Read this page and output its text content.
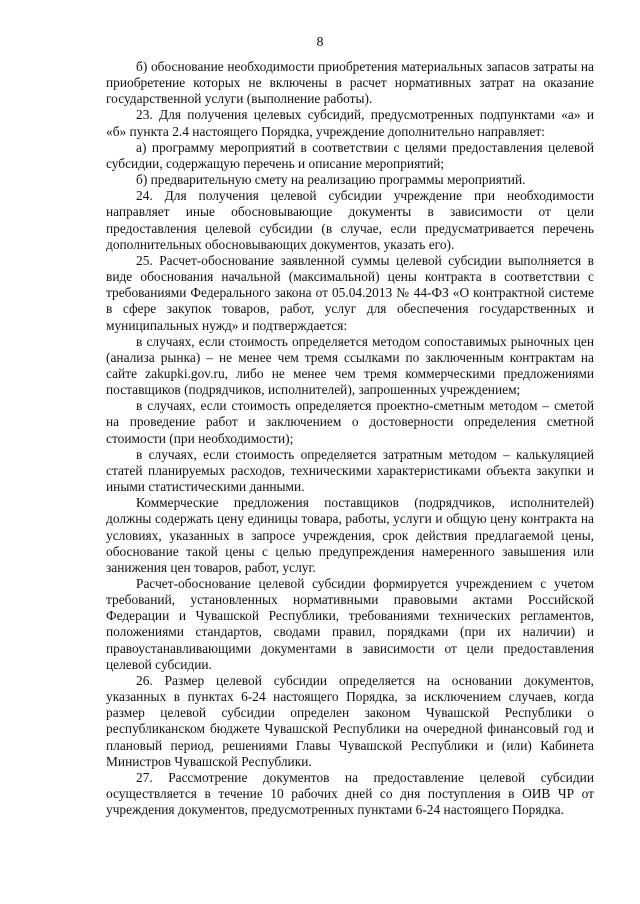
8

б) обоснование необходимости приобретения материальных запасов затраты на приобретение которых не включены в расчет нормативных затрат на оказание государственной услуги (выполнение работы).

23. Для получения целевых субсидий, предусмотренных подпунктами «а» и «б» пункта 2.4 настоящего Порядка, учреждение дополнительно направляет:

а) программу мероприятий в соответствии с целями предоставления целевой субсидии, содержащую перечень и описание мероприятий;

б) предварительную смету на реализацию программы мероприятий.

24. Для получения целевой субсидии учреждение при необходимости направляет иные обосновывающие документы в зависимости от цели предоставления целевой субсидии (в случае, если предусматривается перечень дополнительных обосновывающих документов, указать его).

25. Расчет-обоснование заявленной суммы целевой субсидии выполняется в виде обоснования начальной (максимальной) цены контракта в соответствии с требованиями Федерального закона от 05.04.2013 № 44-ФЗ «О контрактной системе в сфере закупок товаров, работ, услуг для обеспечения государственных и муниципальных нужд» и подтверждается:

в случаях, если стоимость определяется методом сопоставимых рыночных цен (анализа рынка) – не менее чем тремя ссылками по заключенным контрактам на сайте zakupki.gov.ru, либо не менее чем тремя коммерческими предложениями поставщиков (подрядчиков, исполнителей), запрошенных учреждением;

в случаях, если стоимость определяется проектно-сметным методом – сметой на проведение работ и заключением о достоверности определения сметной стоимости (при необходимости);

в случаях, если стоимость определяется затратным методом – калькуляцией статей планируемых расходов, техническими характеристиками объекта закупки и иными статистическими данными.

Коммерческие предложения поставщиков (подрядчиков, исполнителей) должны содержать цену единицы товара, работы, услуги и общую цену контракта на условиях, указанных в запросе учреждения, срок действия предлагаемой цены, обоснование такой цены с целью предупреждения намеренного завышения или занижения цен товаров, работ, услуг.

Расчет-обоснование целевой субсидии формируется учреждением с учетом требований, установленных нормативными правовыми актами Российской Федерации и Чувашской Республики, требованиями технических регламентов, положениями стандартов, сводами правил, порядками (при их наличии) и правоустанавливающими документами в зависимости от цели предоставления целевой субсидии.

26. Размер целевой субсидии определяется на основании документов, указанных в пунктах 6-24 настоящего Порядка, за исключением случаев, когда размер целевой субсидии определен законом Чувашской Республики о республиканском бюджете Чувашской Республики на очередной финансовый год и плановый период, решениями Главы Чувашской Республики и (или) Кабинета Министров Чувашской Республики.

27. Рассмотрение документов на предоставление целевой субсидии осуществляется в течение 10 рабочих дней со дня поступления в ОИВ ЧР от учреждения документов, предусмотренных пунктами 6-24 настоящего Порядка.
